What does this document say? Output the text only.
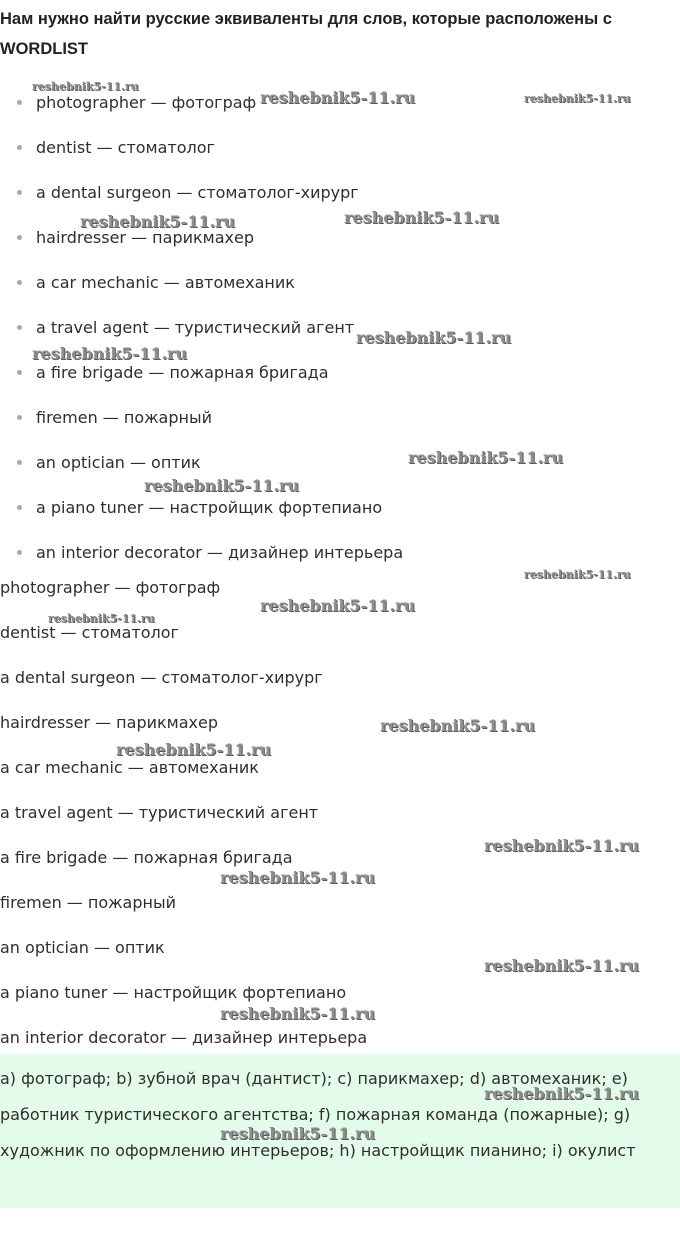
Нам нужно найти русские эквиваленты для слов, которые расположены с WORDLIST
photographer — фотограф
dentist — стоматолог
a dental surgeon — стоматолог-хирург
hairdresser — парикмахер
a car mechanic — автомеханик
a travel agent — туристический агент
a fire brigade — пожарная бригада
firemen — пожарный
an optician — оптик
a piano tuner — настройщик фортепиано
an interior decorator — дизайнер интерьера
photographer — фотограф
dentist — стоматолог
a dental surgeon — стоматолог-хирург
hairdresser — парикмахер
a car mechanic — автомеханик
a travel agent — туристический агент
a fire brigade — пожарная бригада
firemen — пожарный
an optician — оптик
a piano tuner — настройщик фортепиано
an interior decorator — дизайнер интерьера

a) фотограф; b) зубной врач (дантист); c) парикмахер; d) автомеханик; e) работник туристического агентства; f) пожарная команда (пожарные); g) художник по оформлению интерьеров; h) настройщик пианино; i) окулист

reshebnik5-11.ru
reshebnik5-11.ru	reshebnik5-11.ru
reshebnik5-11.ru	reshebnik5-11.ru
reshebnik5-11.ru
reshebnik5-11.ru
reshebnik5-11.ru
reshebnik5-11.ru
reshebnik5-11.ru
reshebnik5-11.ru
reshebnik5-11.ru
reshebnik5-11.ru
reshebnik5-11.ru
reshebnik5-11.ru
reshebnik5-11.ru
reshebnik5-11.ru
reshebnik5-11.ru
reshebnik5-11.ru
reshebnik5-11.ru
